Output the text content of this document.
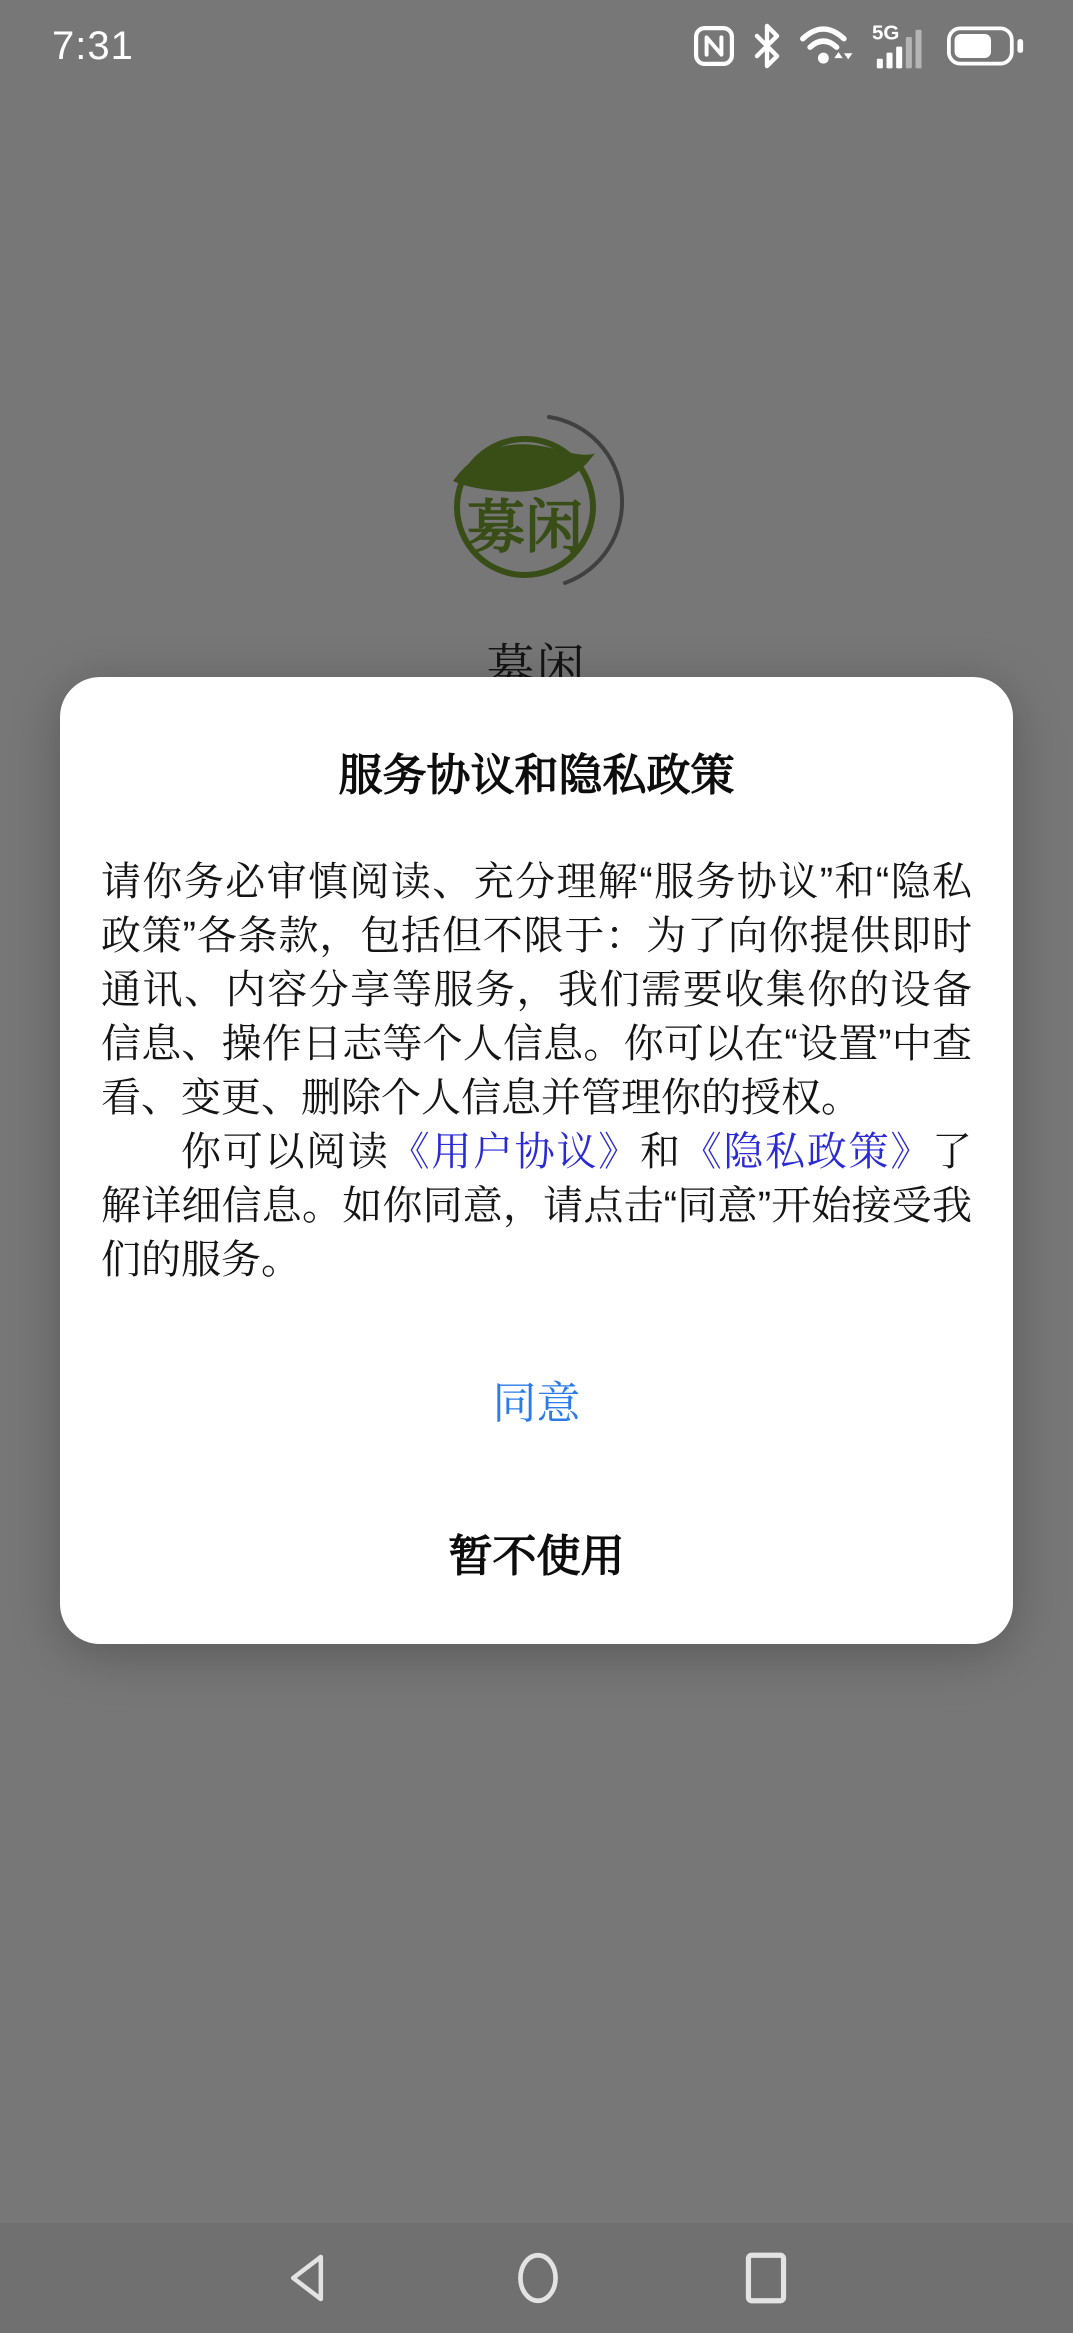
7:31	5G
服务协议和隐私政策

请你务必审慎阅读、充分理解“服务协议”和“隐私政策”各条款，包括但不限于：为了向你提供即时通讯、内容分享等服务，我们需要收集你的设备信息、操作日志等个人信息。你可以在“设置”中查看、变更、删除个人信息并管理你的授权。

你可以阅读《用户协议》和《隐私政策》了解详细信息。如你同意，请点击“同意”开始接受我们的服务。

同意
暂不使用
